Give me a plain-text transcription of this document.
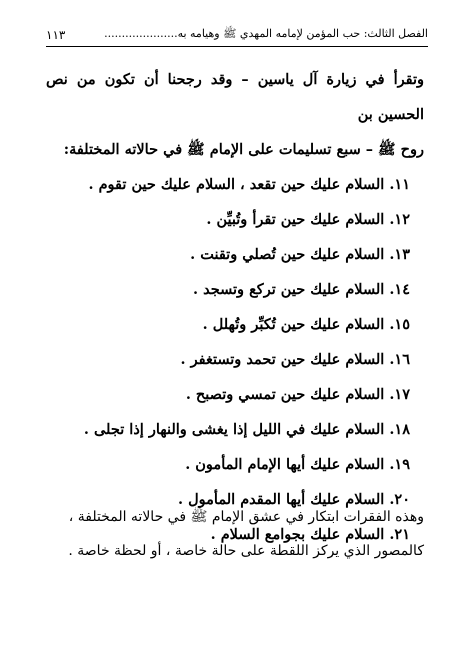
الفصل الثالث: حب المؤمن لإمامه المهدي ﷺ وهيامه به.....................
١١٣

وتقرأ في زيارة آل ياسين – وقد رجحنا أن تكون من نص الحسين بن
روح ﷺ – سبع تسليمات على الإمام ﷺ في حالاته المختلفة:

١١. السلام عليك حين تقعد ، السلام عليك حين تقوم .
١٢. السلام عليك حين تقرأ وتُبيِّن .
١٣. السلام عليك حين تُصلي وتقنت .
١٤. السلام عليك حين تركع وتسجد .
١٥. السلام عليك حين تُكبِّر وتُهلل .
١٦. السلام عليك حين تحمد وتستغفر .
١٧. السلام عليك حين تمسي وتصبح .
١٨. السلام عليك في الليل إذا يغشى والنهار إذا تجلى .
١٩. السلام عليك أيها الإمام المأمون .
٢٠. السلام عليك أيها المقدم المأمول .
٢١. السلام عليك بجوامع السلام .

وهذه الفقرات ابتكار في عشق الإمام ﷺ في حالاته المختلفة ،
كالمصور الذي يركز اللقطة على حالة خاصة ، أو لحظة خاصة .
